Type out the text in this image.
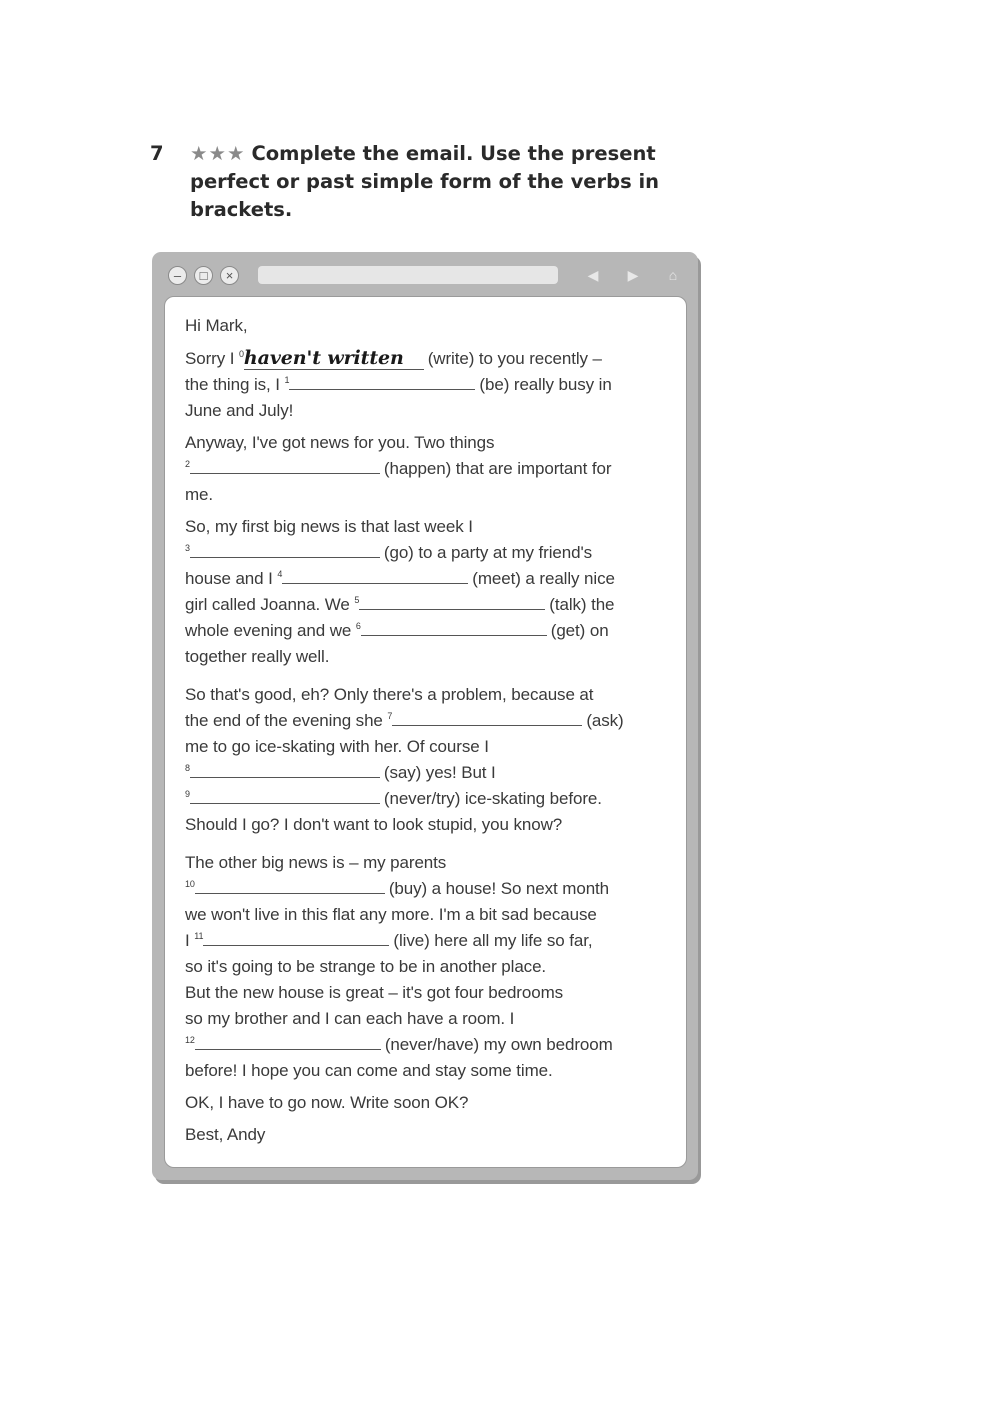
7 ★★★ Complete the email. Use the present perfect or past simple form of the verbs in brackets.
–	□	×	◀	▶	⌂

Hi Mark,

Sorry I $^0$haven't written (write) to you recently –
the thing is, I $^1$	(be) really busy in
June and July!

Anyway, I've got news for you. Two things
$^2$	(happen) that are important for
me.

So, my first big news is that last week I
$^3$	(go) to a party at my friend's
house and I $^4$	(meet) a really nice
girl called Joanna. We $^5$	(talk) the
whole evening and we $^6$	(get) on
together really well.

So that's good, eh? Only there's a problem, because at
the end of the evening she $^7$	(ask)
me to go ice-skating with her. Of course I
$^8$	(say) yes! But I
$^9$	(never/try) ice-skating before.
Should I go? I don't want to look stupid, you know?

The other big news is – my parents
$^{10}$	(buy) a house! So next month
we won't live in this flat any more. I'm a bit sad because
I $^{11}$	(live) here all my life so far,
so it's going to be strange to be in another place.
But the new house is great – it's got four bedrooms
so my brother and I can each have a room. I
$^{12}$	(never/have) my own bedroom
before! I hope you can come and stay some time.

OK, I have to go now. Write soon OK?

Best, Andy
